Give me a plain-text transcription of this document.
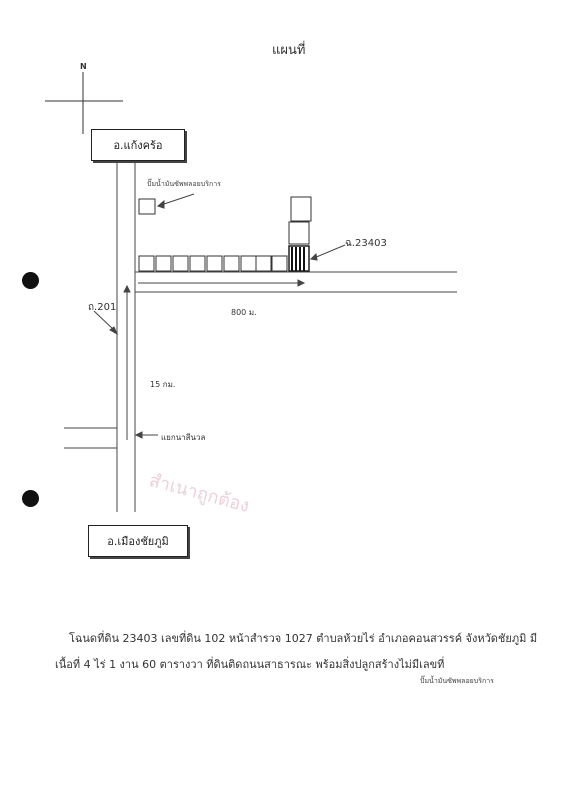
แผนที่
N
อ.แก้งคร้อ
อ.เมืองชัยภูมิ
ปั๊มน้ำมันซัพพลอยบริการ
ฉ.23403
ถ.201	800 ม.
15 กม.
แยกนาสีนวล
สำเนาถูกต้อง
โฉนดที่ดิน 23403 เลขที่ดิน 102 หน้าสำรวจ 1027 ตำบลห้วยไร่ อำเภอคอนสวรรค์ จังหวัดชัยภูมิ มีเนื้อที่ 4 ไร่ 1 งาน 60 ตารางวา ที่ดินติดถนนสาธารณะ พร้อมสิ่งปลูกสร้างไม่มีเลขที่
ปั๊มน้ำมันซัพพลอยบริการ
